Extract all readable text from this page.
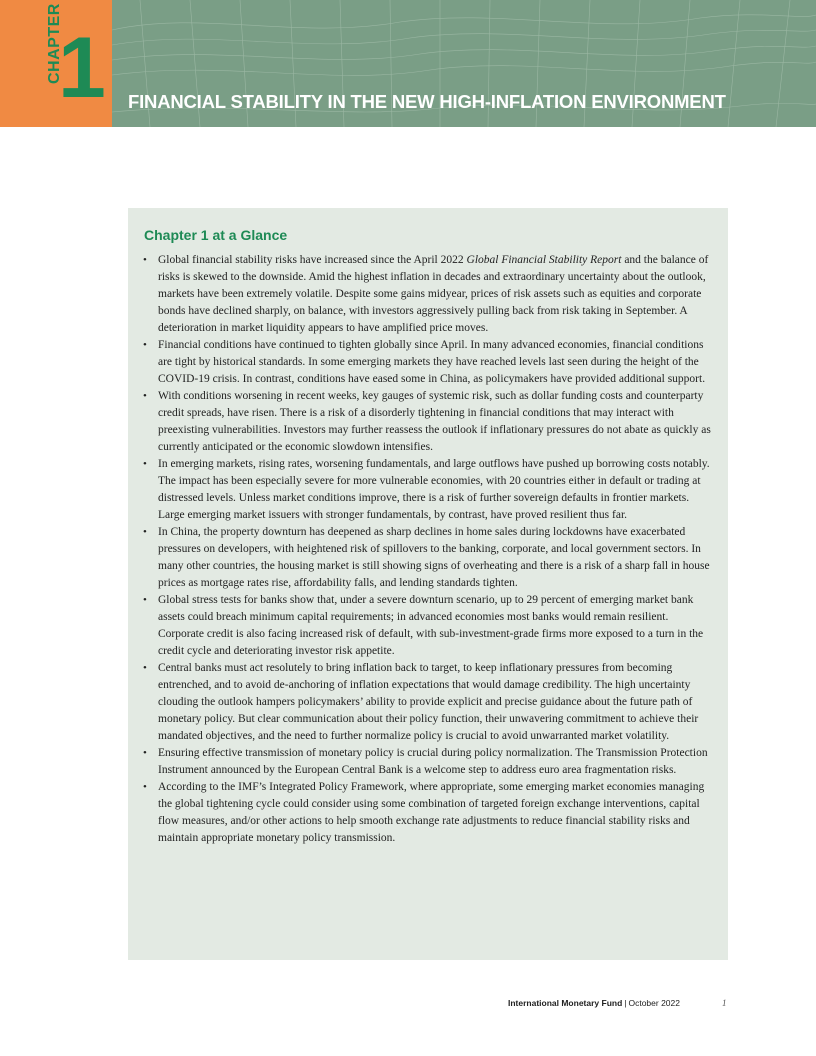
CHAPTER
1 FINANCIAL STABILITY IN THE NEW HIGH-INFLATION ENVIRONMENT
Chapter 1 at a Glance
• Global financial stability risks have increased since the April 2022 Global Financial Stability Report and the balance of risks is skewed to the downside. Amid the highest inflation in decades and extraordinary uncertainty about the outlook, markets have been extremely volatile. Despite some gains midyear, prices of risk assets such as equities and corporate bonds have declined sharply, on balance, with investors aggressively pulling back from risk taking in September. A deterioration in market liquidity appears to have amplified price moves.
• Financial conditions have continued to tighten globally since April. In many advanced economies, financial conditions are tight by historical standards. In some emerging markets they have reached levels last seen during the height of the COVID-19 crisis. In contrast, conditions have eased some in China, as policymakers have provided additional support.
• With conditions worsening in recent weeks, key gauges of systemic risk, such as dollar funding costs and counterparty credit spreads, have risen. There is a risk of a disorderly tightening in financial conditions that may interact with preexisting vulnerabilities. Investors may further reassess the outlook if inflationary pressures do not abate as quickly as currently anticipated or the economic slowdown intensifies.
• In emerging markets, rising rates, worsening fundamentals, and large outflows have pushed up borrowing costs notably. The impact has been especially severe for more vulnerable economies, with 20 countries either in default or trading at distressed levels. Unless market conditions improve, there is a risk of further sovereign defaults in frontier markets. Large emerging market issuers with stronger fundamentals, by contrast, have proved resilient thus far.
• In China, the property downturn has deepened as sharp declines in home sales during lockdowns have exacerbated pressures on developers, with heightened risk of spillovers to the banking, corporate, and local government sectors. In many other countries, the housing market is still showing signs of overheating and there is a risk of a sharp fall in house prices as mortgage rates rise, affordability falls, and lending standards tighten.
• Global stress tests for banks show that, under a severe downturn scenario, up to 29 percent of emerging market bank assets could breach minimum capital requirements; in advanced economies most banks would remain resilient. Corporate credit is also facing increased risk of default, with sub-investment-grade firms more exposed to a turn in the credit cycle and deteriorating investor risk appetite.
• Central banks must act resolutely to bring inflation back to target, to keep inflationary pressures from becoming entrenched, and to avoid de-anchoring of inflation expectations that would damage credibility. The high uncertainty clouding the outlook hampers policymakers’ ability to provide explicit and precise guidance about the future path of monetary policy. But clear communication about their policy function, their unwavering commitment to achieve their mandated objectives, and the need to further normalize policy is crucial to avoid unwarranted market volatility.
• Ensuring effective transmission of monetary policy is crucial during policy normalization. The Transmission Protection Instrument announced by the European Central Bank is a welcome step to address euro area fragmentation risks.
• According to the IMF’s Integrated Policy Framework, where appropriate, some emerging market economies managing the global tightening cycle could consider using some combination of targeted foreign exchange interventions, capital flow measures, and/or other actions to help smooth exchange rate adjustments to reduce financial stability risks and maintain appropriate monetary policy transmission.
International Monetary Fund | October 2022	1
